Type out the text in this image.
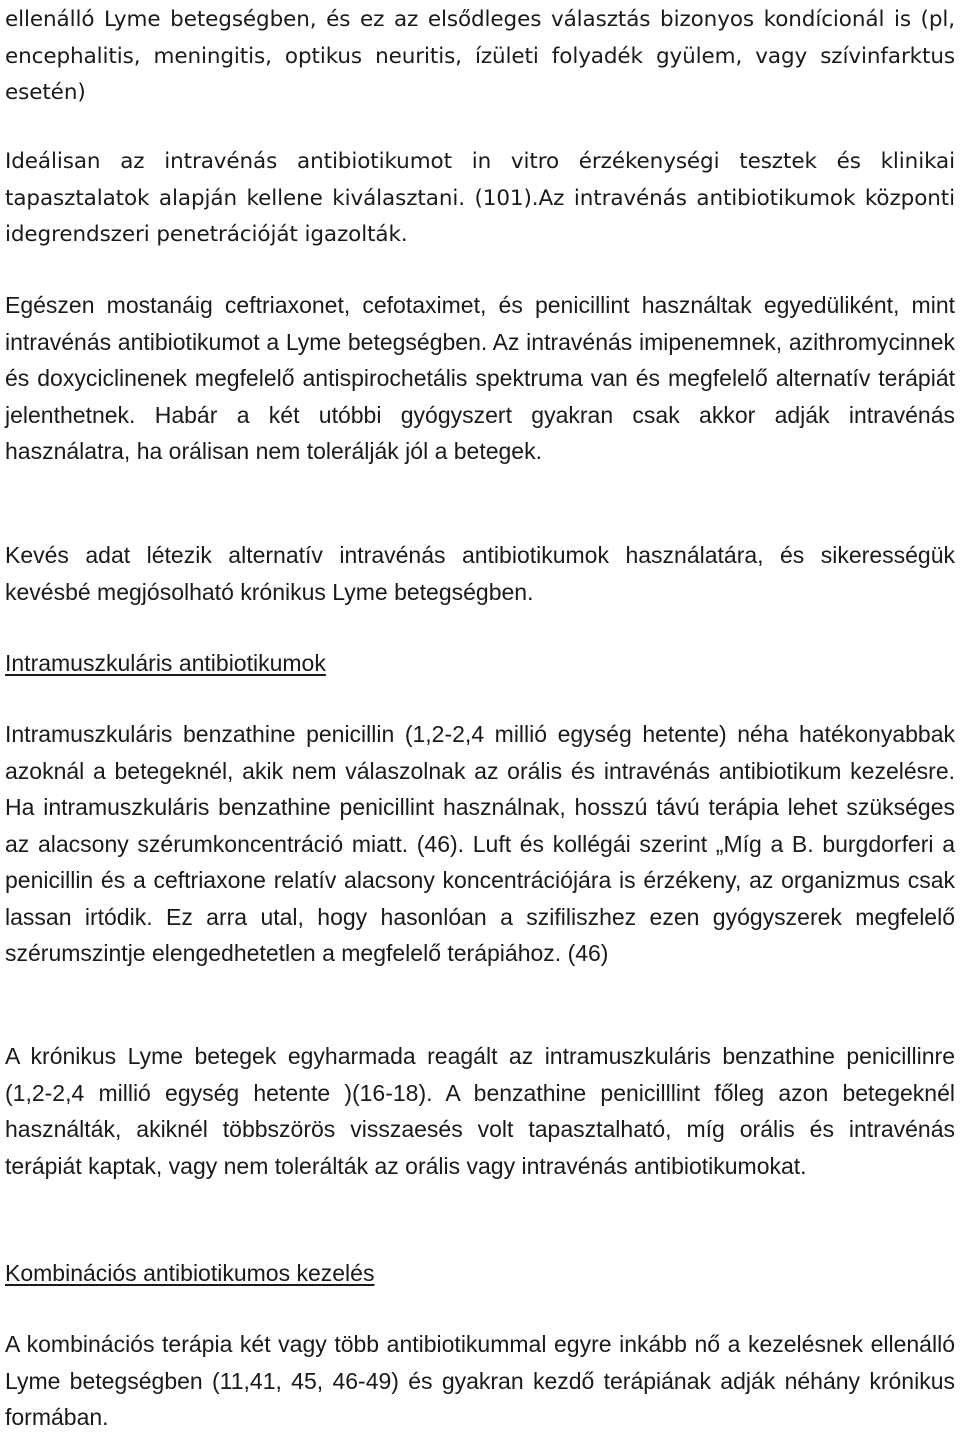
ellenálló Lyme betegségben, és ez az elsődleges választás bizonyos kondícionál is (pl, encephalitis, meningitis, optikus neuritis, ízületi folyadék gyülem, vagy szívinfarktus esetén)

Ideálisan az intravénás antibiotikumot in vitro érzékenységi tesztek és klinikai tapasztalatok alapján kellene kiválasztani. (101).Az intravénás antibiotikumok központi idegrendszeri penetrációját igazolták.

Egészen mostanáig ceftriaxonet, cefotaximet, és penicillint használtak egyedüliként, mint intravénás antibiotikumot a Lyme betegségben. Az intravénás imipenemnek, azithromycinnek és doxyciclinenek megfelelő antispirochetális spektruma van és megfelelő alternatív terápiát jelenthetnek. Habár a két utóbbi gyógyszert gyakran csak akkor adják intravénás használatra, ha orálisan nem tolerálják jól a betegek.

Kevés adat létezik alternatív intravénás antibiotikumok használatára, és sikerességük kevésbé megjósolható krónikus Lyme betegségben.

Intramuszkuláris antibiotikumok

Intramuszkuláris benzathine penicillin (1,2-2,4 millió egység hetente) néha hatékonyabbak azoknál a betegeknél, akik nem válaszolnak az orális és intravénás antibiotikum kezelésre. Ha intramuszkuláris benzathine penicillint használnak, hosszú távú terápia lehet szükséges az alacsony szérumkoncentráció miatt. (46). Luft és kollégái szerint „Míg a B. burgdorferi a penicillin és a ceftriaxone relatív alacsony koncentrációjára is érzékeny, az organizmus csak lassan irtódik. Ez arra utal, hogy hasonlóan a szifiliszhez ezen gyógyszerek megfelelő szérumszintje elengedhetetlen a megfelelő terápiához. (46)

A krónikus Lyme betegek egyharmada reagált az intramuszkuláris benzathine penicillinre (1,2-2,4 millió egység hetente )(16-18). A benzathine penicilllint főleg azon betegeknél használták, akiknél többszörös visszaesés volt tapasztalható, míg orális és intravénás terápiát kaptak, vagy nem tolerálták az orális vagy intravénás antibiotikumokat.

Kombinációs antibiotikumos kezelés

A kombinációs terápia két vagy több antibiotikummal egyre inkább nő a kezelésnek ellenálló Lyme betegségben (11,41, 45, 46-49) és gyakran kezdő terápiának adják néhány krónikus formában.
